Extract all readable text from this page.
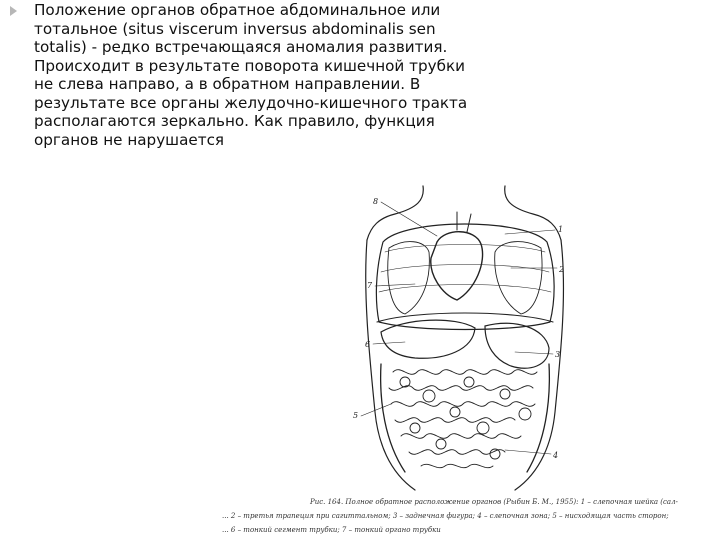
Положение органов обратное абдоминальное или
тотальное (situs viscerum inversus abdominalis sen
totalis) - редко встречающаяся аномалия развития.
Происходит в результате поворота кишечной трубки
не слева направо, а в обратном направлении. В
результате все органы желудочно-кишечного тракта
располагаются зеркально. Как правило, функция
органов не нарушается
8
1
2
7
6
3
5
4
Рис. 164. Полное обратное расположение органов (Рыбин Б. М., 1955): 1 – слепочная шейка (сал-
... 2 – третья трапеция при сагиттальном; 3 – заднечная фигура; 4 – слепочная зона; 5 – нисходящая часть сторон;
... 6 – тонкий сегмент трубки; 7 – тонкий органо трубки
